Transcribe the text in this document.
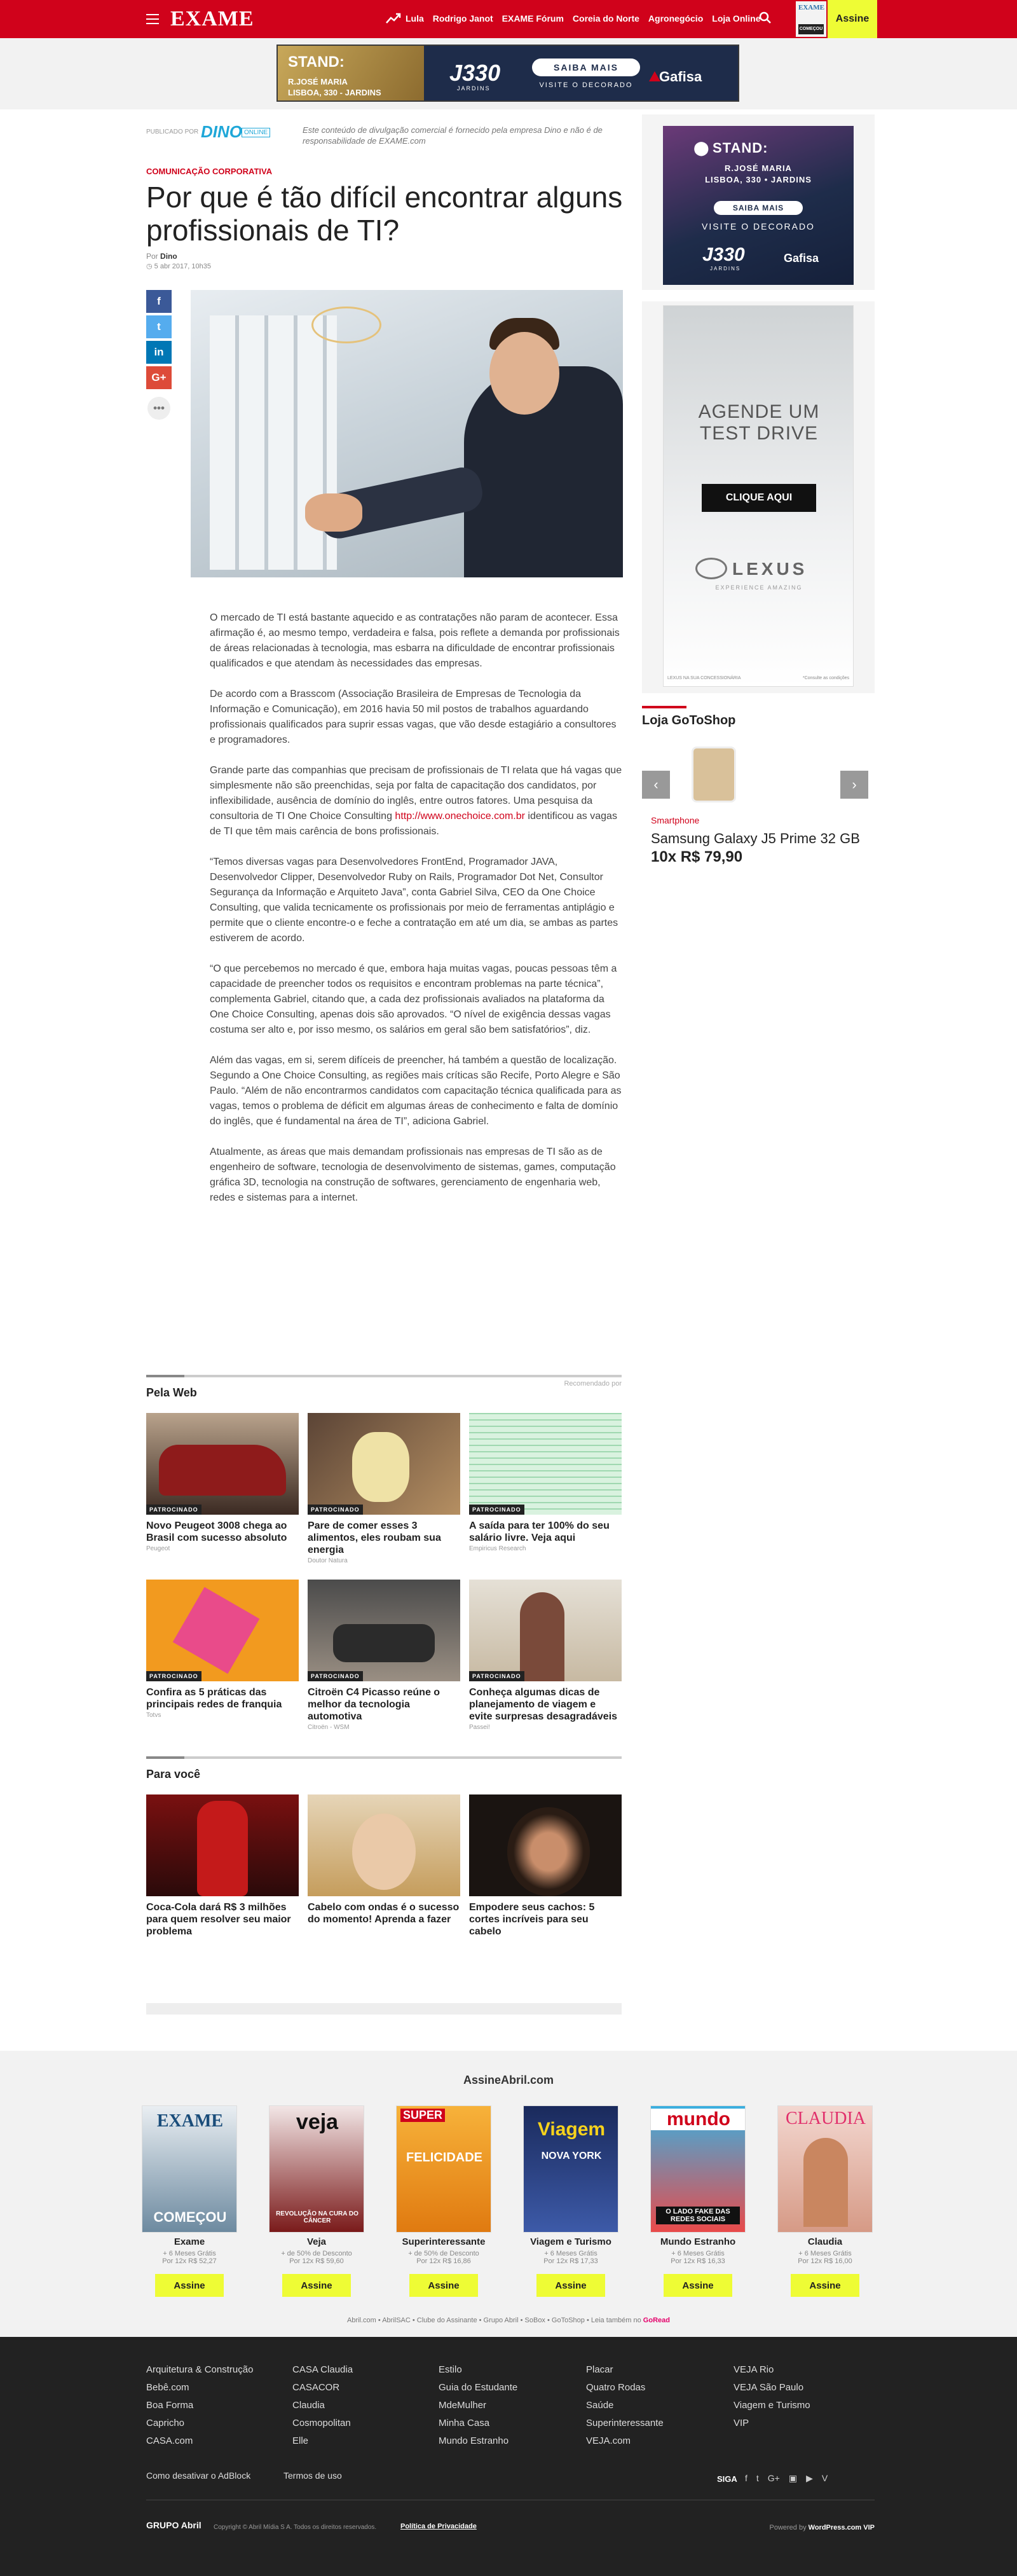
EXAME	Lula Rodrigo Janot EXAME Fórum Coreia do Norte Agronegócio Loja Online
EXAME
COMEÇOU
Assine
STAND:
R.JOSÉ MARIA
LISBOA, 330 - JARDINS
J330
JARDINS
SAIBA MAIS
VISITE O DECORADO
Gafisa
PUBLICADO POR DINO ONLINE	Este conteúdo de divulgação comercial é fornecido pela empresa Dino e não é de responsabilidade de EXAME.com
COMUNICAÇÃO CORPORATIVA
Por que é tão difícil encontrar alguns profissionais de TI?
Por Dino
◷ 5 abr 2017, 10h35
f
t
in
G+
•••

O mercado de TI está bastante aquecido e as contratações não param de acontecer. Essa afirmação é, ao mesmo tempo, verdadeira e falsa, pois reflete a demanda por profissionais de áreas relacionadas à tecnologia, mas esbarra na dificuldade de encontrar profissionais qualificados e que atendam às necessidades das empresas.

De acordo com a Brasscom (Associação Brasileira de Empresas de Tecnologia da Informação e Comunicação), em 2016 havia 50 mil postos de trabalhos aguardando profissionais qualificados para suprir essas vagas, que vão desde estagiário a consultores e programadores.

Grande parte das companhias que precisam de profissionais de TI relata que há vagas que simplesmente não são preenchidas, seja por falta de capacitação dos candidatos, por inflexibilidade, ausência de domínio do inglês, entre outros fatores. Uma pesquisa da consultoria de TI One Choice Consulting http://www.onechoice.com.br identificou as vagas de TI que têm mais carência de bons profissionais.

“Temos diversas vagas para Desenvolvedores FrontEnd, Programador JAVA, Desenvolvedor Clipper, Desenvolvedor Ruby on Rails, Programador Dot Net, Consultor Segurança da Informação e Arquiteto Java”, conta Gabriel Silva, CEO da One Choice Consulting, que valida tecnicamente os profissionais por meio de ferramentas antiplágio e permite que o cliente encontre-o e feche a contratação em até um dia, se ambas as partes estiverem de acordo.

“O que percebemos no mercado é que, embora haja muitas vagas, poucas pessoas têm a capacidade de preencher todos os requisitos e encontram problemas na parte técnica”, complementa Gabriel, citando que, a cada dez profissionais avaliados na plataforma da One Choice Consulting, apenas dois são aprovados. “O nível de exigência dessas vagas costuma ser alto e, por isso mesmo, os salários em geral são bem satisfatórios”, diz.

Além das vagas, em si, serem difíceis de preencher, há também a questão de localização. Segundo a One Choice Consulting, as regiões mais críticas são Recife, Porto Alegre e São Paulo. “Além de não encontrarmos candidatos com capacitação técnica qualificada para as vagas, temos o problema de déficit em algumas áreas de conhecimento e falta de domínio do inglês, que é fundamental na área de TI”, adiciona Gabriel.

Atualmente, as áreas que mais demandam profissionais nas empresas de TI são as de engenheiro de software, tecnologia de desenvolvimento de sistemas, games, computação gráfica 3D, tecnologia na construção de softwares, gerenciamento de engenharia web, redes e sistemas para a internet.

⬤ STAND:
R.JOSÉ MARIA
LISBOA, 330 • JARDINS
SAIBA MAIS
VISITE O DECORADO
J330
JARDINS
Gafisa
AGENDE UM
TEST DRIVE
CLIQUE AQUI
LEXUS
EXPERIENCE AMAZING
LEXUS NA SUA CONCESSIONÁRIA	*Consulte as condições
Loja GoToShop
‹	›
Smartphone
Samsung Galaxy J5 Prime 32 GB
10x R$ 79,90
Recomendado por
Pela Web
PATROCINADO
Novo Peugeot 3008 chega ao Brasil com sucesso absoluto
Peugeot
PATROCINADO
Pare de comer esses 3 alimentos, eles roubam sua energia
Doutor Natura
PATROCINADO
A saída para ter 100% do seu salário livre. Veja aqui
Empiricus Research
PATROCINADO
Confira as 5 práticas das principais redes de franquia
Totvs
PATROCINADO
Citroën C4 Picasso reúne o melhor da tecnologia automotiva
Citroën - WSM
PATROCINADO
Conheça algumas dicas de planejamento de viagem e evite surpresas desagradáveis
Passei!
Para você
Coca-Cola dará R$ 3 milhões para quem resolver seu maior problema
Cabelo com ondas é o sucesso do momento! Aprenda a fazer
Empodere seus cachos: 5 cortes incríveis para seu cabelo
AssineAbril.com
EXAME
COMEÇOU
Exame
+ 6 Meses Grátis
Por 12x R$ 52,27
Assine
veja
REVOLUÇÃO NA CURA DO CÂNCER
Veja
+ de 50% de Desconto
Por 12x R$ 59,60
Assine
SUPER
FELICIDADE
Superinteressante
+ de 50% de Desconto
Por 12x R$ 16,86
Assine
Viagem
NOVA YORK
Viagem e Turismo
+ 6 Meses Grátis
Por 12x R$ 17,33
Assine
mundo
O LADO FAKE DAS REDES SOCIAIS
Mundo Estranho
+ 6 Meses Grátis
Por 12x R$ 16,33
Assine
CLAUDIA
Claudia
+ 6 Meses Grátis
Por 12x R$ 16,00
Assine
Abril.com • AbrilSAC • Clube do Assinante • Grupo Abril • SoBox • GoToShop • Leia também no GoRead
Arquitetura & Construção
Bebê.com
Boa Forma
Capricho
CASA.com
CASA Claudia
CASACOR
Claudia
Cosmopolitan
Elle
Estilo
Guia do Estudante
MdeMulher
Minha Casa
Mundo Estranho
Placar
Quatro Rodas
Saúde
Superinteressante
VEJA.com
VEJA Rio
VEJA São Paulo
Viagem e Turismo
VIP
Como desativar o AdBlock	Termos de uso	SIGA f t G+ ▣ ▶ V
GRUPO Abril Copyright © Abril Mídia S A. Todos os direitos reservados.	Política de Privacidade	Powered by WordPress.com VIP
